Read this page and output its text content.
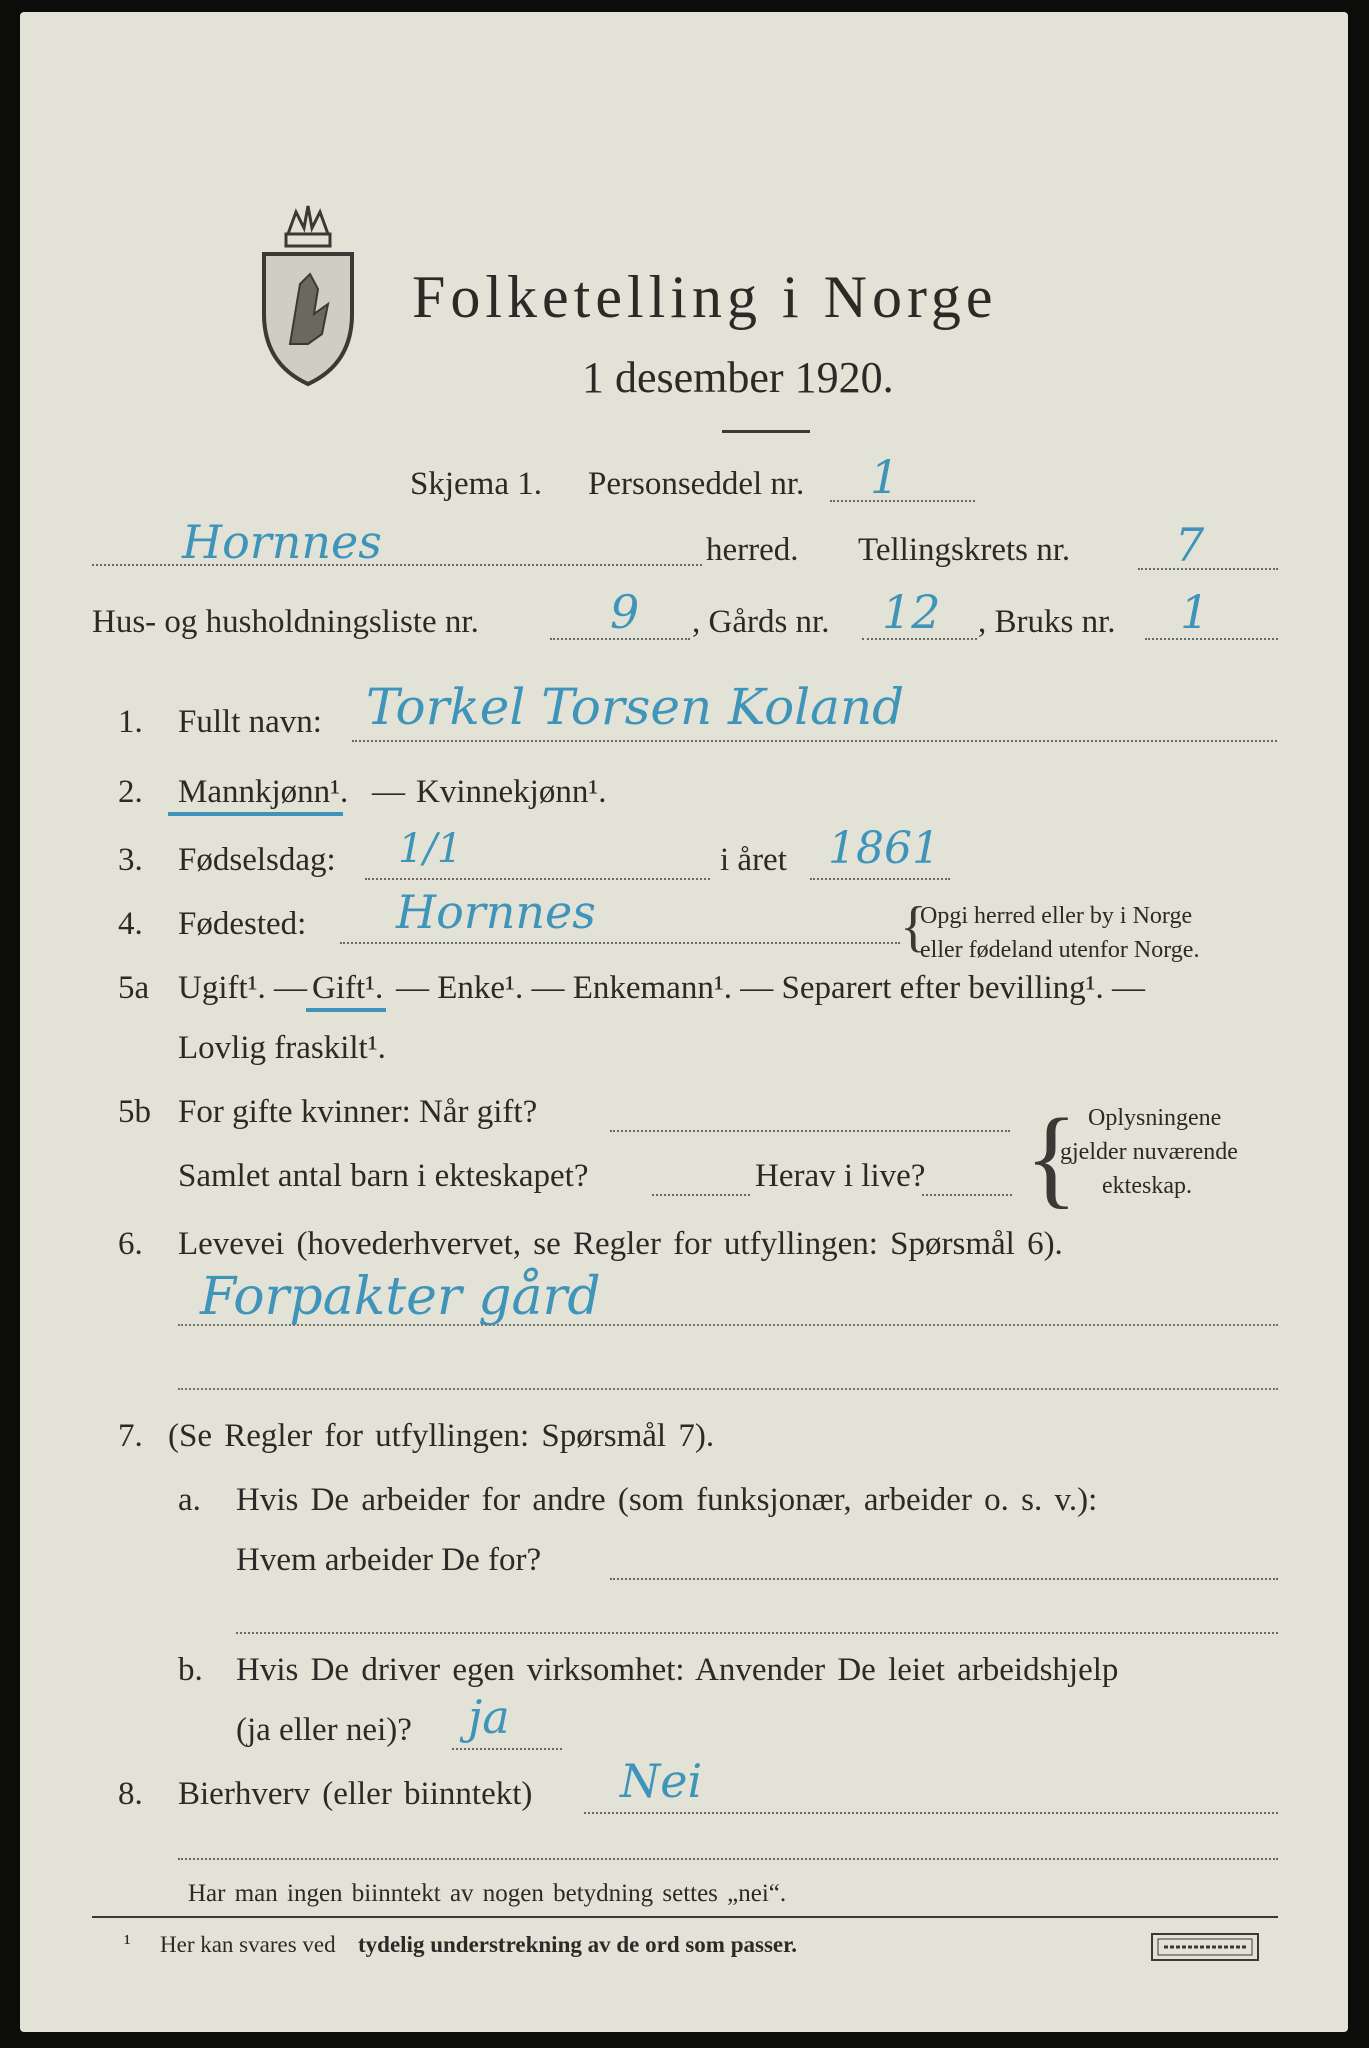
Folketelling i Norge
1 desember 1920.
Skjema 1. Personseddel nr. 1
Hornnes	herred. Tellingskrets nr. 7
Hus- og husholdningsliste nr.	9 , Gårds nr. 12 , Bruks nr. 1
1. Fullt navn: Torkel Torsen Koland
2. Mannkjønn¹. — Kvinnekjønn¹.
3. Fødselsdag: 1/1	i året 1861
4. Fødested: Hornnes	{
Opgi herred eller by i Norge
eller fødeland utenfor Norge.
5a Ugift¹. — Gift¹. — Enke¹. — Enkemann¹. — Separert efter bevilling¹. —
Lovlig fraskilt¹.
5b For gifte kvinner: Når gift?
Samlet antal barn i ekteskapet?	Herav i live? { Oplysningene
gjelder nuværende
ekteskap.
6. Levevei (hovederhvervet, se Regler for utfyllingen: Spørsmål 6).
Forpakter gård
7. (Se Regler for utfyllingen: Spørsmål 7).
a. Hvis De arbeider for andre (som funksjonær, arbeider o. s. v.):
Hvem arbeider De for?
b. Hvis De driver egen virksomhet: Anvender De leiet arbeidshjelp
(ja eller nei)? ja
8. Bierhverv (eller biinntekt) Nei
Har man ingen biinntekt av nogen betydning settes „nei“.
¹ Her kan svares ved tydelig understrekning av de ord som passer.
